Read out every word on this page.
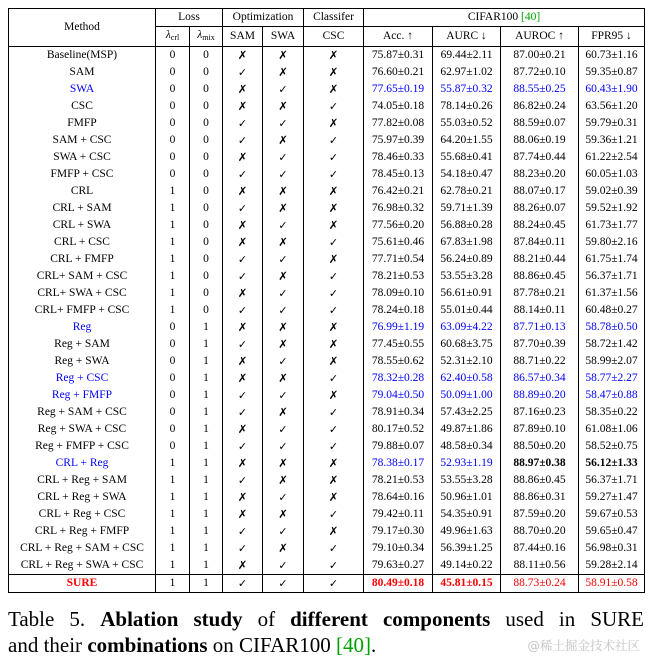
Method	Loss		Optimization		Classifer	CIFAR100 [40]			
	$\lambda_{crl}$	$\lambda_{mix}$	SAM	SWA	CSC	Acc. ↑	AURC ↓	AUROC ↑	FPR95 ↓
Baseline(MSP)	0	0	✗	✗	✗	75.87±0.31	69.44±2.11	87.00±0.21	60.73±1.16
SAM	0	0	✓	✗	✗	76.60±0.21	62.97±1.02	87.72±0.10	59.35±0.87
SWA	0	0	✗	✓	✗	77.65±0.19	55.87±0.32	88.55±0.25	60.43±1.90
CSC	0	0	✗	✗	✓	74.05±0.18	78.14±0.26	86.82±0.24	63.56±1.20
FMFP	0	0	✓	✓	✗	77.82±0.08	55.03±0.52	88.59±0.07	59.79±0.31
SAM + CSC	0	0	✓	✗	✓	75.97±0.39	64.20±1.55	88.06±0.19	59.36±1.21
SWA + CSC	0	0	✗	✓	✓	78.46±0.33	55.68±0.41	87.74±0.44	61.22±2.54
FMFP + CSC	0	0	✓	✓	✓	78.45±0.13	54.18±0.47	88.23±0.20	60.05±1.03
CRL	1	0	✗	✗	✗	76.42±0.21	62.78±0.21	88.07±0.17	59.02±0.39
CRL + SAM	1	0	✓	✗	✗	76.98±0.32	59.71±1.39	88.26±0.07	59.52±1.92
CRL + SWA	1	0	✗	✓	✗	77.56±0.20	56.88±0.28	88.24±0.45	61.73±1.77
CRL + CSC	1	0	✗	✗	✓	75.61±0.46	67.83±1.98	87.84±0.11	59.80±2.16
CRL + FMFP	1	0	✓	✓	✗	77.71±0.54	56.24±0.89	88.21±0.44	61.75±1.74
CRL+ SAM + CSC	1	0	✓	✗	✓	78.21±0.53	53.55±3.28	88.86±0.45	56.37±1.71
CRL+ SWA + CSC	1	0	✗	✓	✓	78.09±0.10	56.61±0.91	87.78±0.21	61.37±1.56
CRL+ FMFP + CSC	1	0	✓	✓	✓	78.24±0.18	55.01±0.44	88.14±0.11	60.48±0.27
Reg	0	1	✗	✗	✗	76.99±1.19	63.09±4.22	87.71±0.13	58.78±0.50
Reg + SAM	0	1	✓	✗	✗	77.45±0.55	60.68±3.75	87.70±0.39	58.72±1.42
Reg + SWA	0	1	✗	✓	✗	78.55±0.62	52.31±2.10	88.71±0.22	58.99±2.07
Reg + CSC	0	1	✗	✗	✓	78.32±0.28	62.40±0.58	86.57±0.34	58.77±2.27
Reg + FMFP	0	1	✓	✓	✗	79.04±0.50	50.09±1.00	88.89±0.20	58.47±0.88
Reg + SAM + CSC	0	1	✓	✗	✓	78.91±0.34	57.43±2.25	87.16±0.23	58.35±0.22
Reg + SWA + CSC	0	1	✗	✓	✓	80.17±0.52	49.87±1.86	87.89±0.10	61.08±1.06
Reg + FMFP + CSC	0	1	✓	✓	✓	79.88±0.07	48.58±0.34	88.50±0.20	58.52±0.75
CRL + Reg	1	1	✗	✗	✗	78.38±0.17	52.93±1.19	88.97±0.38	56.12±1.33
CRL + Reg + SAM	1	1	✓	✗	✗	78.21±0.53	53.55±3.28	88.86±0.45	56.37±1.71
CRL + Reg + SWA	1	1	✗	✓	✗	78.64±0.16	50.96±1.01	88.86±0.31	59.27±1.47
CRL + Reg + CSC	1	1	✗	✗	✓	79.42±0.11	54.35±0.91	87.59±0.20	59.67±0.53
CRL + Reg + FMFP	1	1	✓	✓	✗	79.17±0.30	49.96±1.63	88.70±0.20	59.65±0.47
CRL + Reg + SAM + CSC	1	1	✓	✗	✓	79.10±0.34	56.39±1.25	87.44±0.16	56.98±0.31
CRL + Reg + SWA + CSC	1	1	✗	✓	✓	79.63±0.27	49.14±0.22	88.11±0.56	59.28±2.14
SURE	1	1	✓	✓	✓	80.49±0.18	45.81±0.15	88.73±0.24	58.91±0.58
Table 5. Ablation study of different components used in SURE
and their combinations on CIFAR100 [40].	@稀土掘金技术社区
